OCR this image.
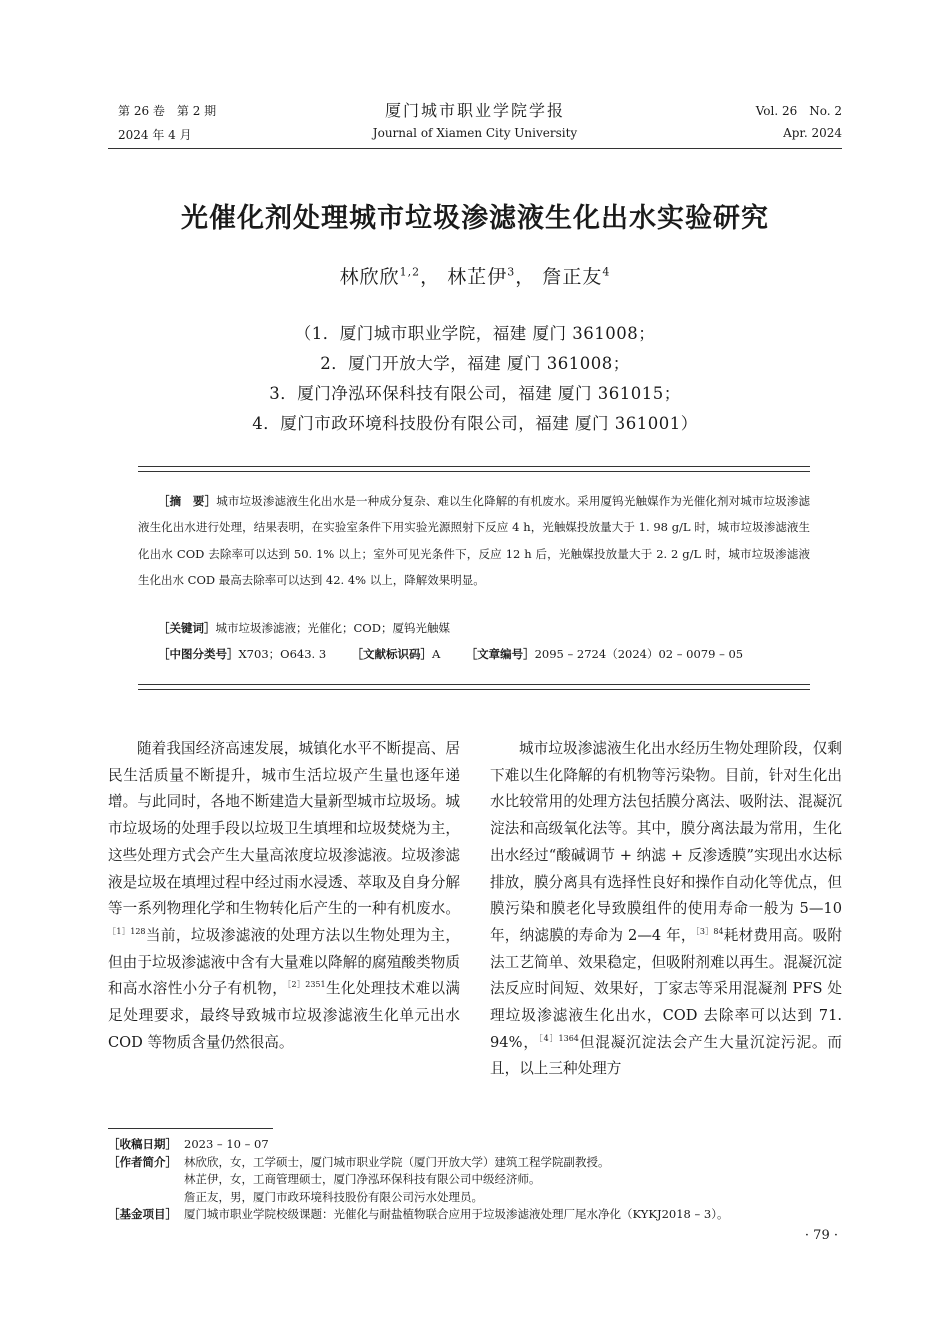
第 26 卷　第 2 期
2024 年 4 月
厦门城市职业学院学报
Journal of Xiamen City University
Vol. 26　No. 2
Apr. 2024
光催化剂处理城市垃圾渗滤液生化出水实验研究
林欣欣$^{1,2}$， 林芷伊$^3$， 詹正友$^4$
（1．厦门城市职业学院，福建 厦门 361008；
2．厦门开放大学，福建 厦门 361008；
3．厦门净泓环保科技有限公司，福建 厦门 361015；
4．厦门市政环境科技股份有限公司，福建 厦门 361001）
［摘　要］城市垃圾渗滤液生化出水是一种成分复杂、难以生化降解的有机废水。采用厦钨光触媒作为光催化剂对城市垃圾渗滤液生化出水进行处理，结果表明，在实验室条件下用实验光源照射下反应 4 h，光触媒投放量大于 1. 98 g/L 时，城市垃圾渗滤液生化出水 COD 去除率可以达到 50. 1% 以上；室外可见光条件下，反应 12 h 后，光触媒投放量大于 2. 2 g/L 时，城市垃圾渗滤液生化出水 COD 最高去除率可以达到 42. 4% 以上，降解效果明显。
［关键词］城市垃圾渗滤液；光催化；COD；厦钨光触媒
［中图分类号］X703；O643. 3 ［文献标识码］A ［文章编号］2095 – 2724（2024）02 – 0079 – 05

随着我国经济高速发展，城镇化水平不断提高、居民生活质量不断提升，城市生活垃圾产生量也逐年递增。与此同时，各地不断建造大量新型城市垃圾场。城市垃圾场的处理手段以垃圾卫生填埋和垃圾焚烧为主，这些处理方式会产生大量高浓度垃圾渗滤液。垃圾渗滤液是垃圾在填埋过程中经过雨水浸透、萃取及自身分解等一系列物理化学和生物转化后产生的一种有机废水。$^{[1]128}$当前，垃圾渗滤液的处理方法以生物处理为主，但由于垃圾渗滤液中含有大量难以降解的腐殖酸类物质和高水溶性小分子有机物，$^{[2]2351}$生化处理技术难以满足处理要求，最终导致城市垃圾渗滤液生化单元出水 COD 等物质含量仍然很高。

城市垃圾渗滤液生化出水经历生物处理阶段，仅剩下难以生化降解的有机物等污染物。目前，针对生化出水比较常用的处理方法包括膜分离法、吸附法、混凝沉淀法和高级氧化法等。其中，膜分离法最为常用，生化出水经过“酸碱调节 + 纳滤 + 反渗透膜”实现出水达标排放，膜分离具有选择性良好和操作自动化等优点，但膜污染和膜老化导致膜组件的使用寿命一般为 5—10 年，纳滤膜的寿命为 2—4 年，$^{[3]84}$耗材费用高。吸附法工艺简单、效果稳定，但吸附剂难以再生。混凝沉淀法反应时间短、效果好，丁家志等采用混凝剂 PFS 处理垃圾渗滤液生化出水，COD 去除率可以达到 71. 94%，$^{[4]1364}$但混凝沉淀法会产生大量沉淀污泥。而且，以上三种处理方

［收稿日期］ 2023 – 10 – 07
［作者简介］ 林欣欣，女，工学硕士，厦门城市职业学院（厦门开放大学）建筑工程学院副教授。
林芷伊，女，工商管理硕士，厦门净泓环保科技有限公司中级经济师。
詹正友，男，厦门市政环境科技股份有限公司污水处理员。
［基金项目］ 厦门城市职业学院校级课题：光催化与耐盐植物联合应用于垃圾渗滤液处理厂尾水净化（KYKJ2018 – 3）。
· 79 ·
